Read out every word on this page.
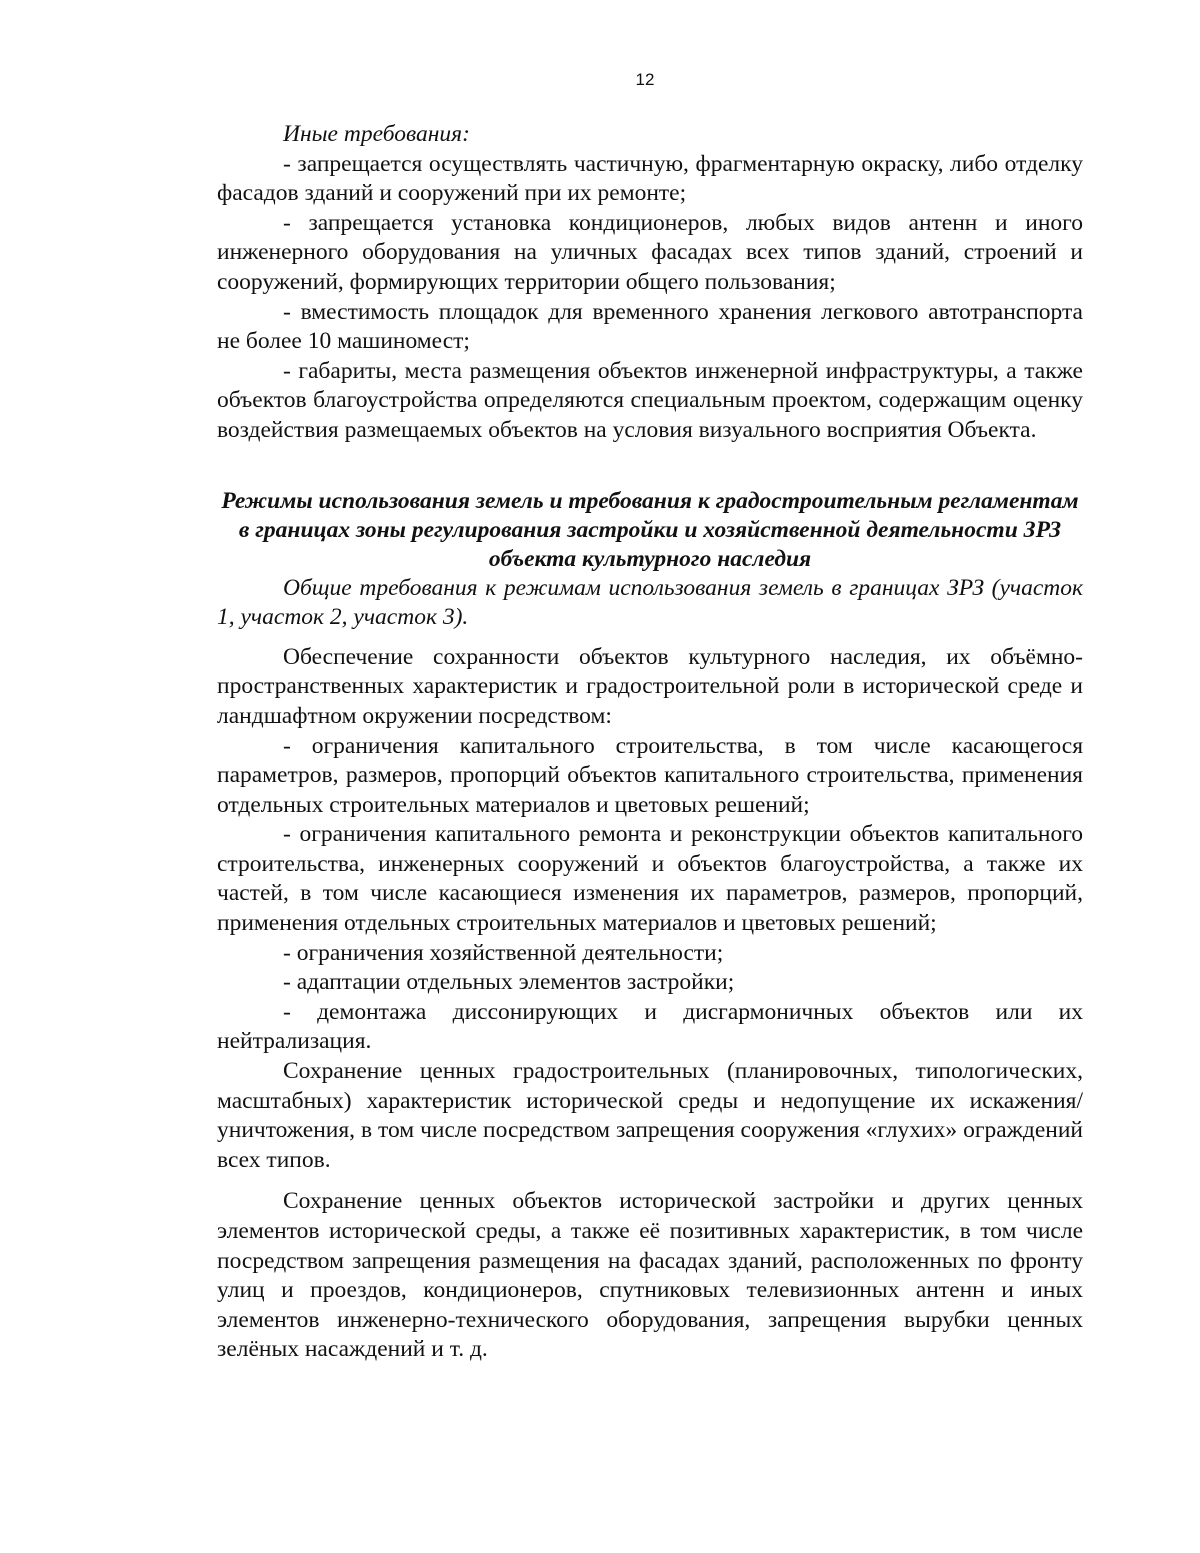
12

Иные требования:

- запрещается осуществлять частичную, фрагментарную окраску, либо отделку фасадов зданий и сооружений при их ремонте;

- запрещается установка кондиционеров, любых видов антенн и иного инженерного оборудования на уличных фасадах всех типов зданий, строений и сооружений, формирующих территории общего пользования;

- вместимость площадок для временного хранения легкового автотранспорта не более 10 машиномест;

- габариты, места размещения объектов инженерной инфраструктуры, а также объектов благоустройства определяются специальным проектом, содержащим оценку воздействия размещаемых объектов на условия визуального восприятия Объекта.

Режимы использования земель и требования к градостроительным регламентам в границах зоны регулирования застройки и хозяйственной деятельности ЗРЗ объекта культурного наследия

Общие требования к режимам использования земель в границах ЗРЗ (участок 1, участок 2, участок 3).

Обеспечение сохранности объектов культурного наследия, их объёмно-пространственных характеристик и градостроительной роли в исторической среде и ландшафтном окружении посредством:

- ограничения капитального строительства, в том числе касающегося параметров, размеров, пропорций объектов капитального строительства, применения отдельных строительных материалов и цветовых решений;

- ограничения капитального ремонта и реконструкции объектов капитального строительства, инженерных сооружений и объектов благоустройства, а также их частей, в том числе касающиеся изменения их параметров, размеров, пропорций, применения отдельных строительных материалов и цветовых решений;

- ограничения хозяйственной деятельности;

- адаптации отдельных элементов застройки;

- демонтажа диссонирующих и дисгармоничных объектов или их нейтрализация.

Сохранение ценных градостроительных (планировочных, типологических, масштабных) характеристик исторической среды и недопущение их искажения/уничтожения, в том числе посредством запрещения сооружения «глухих» ограждений всех типов.

Сохранение ценных объектов исторической застройки и других ценных элементов исторической среды, а также её позитивных характеристик, в том числе посредством запрещения размещения на фасадах зданий, расположенных по фронту улиц и проездов, кондиционеров, спутниковых телевизионных антенн и иных элементов инженерно-технического оборудования, запрещения вырубки ценных зелёных насаждений и т. д.
